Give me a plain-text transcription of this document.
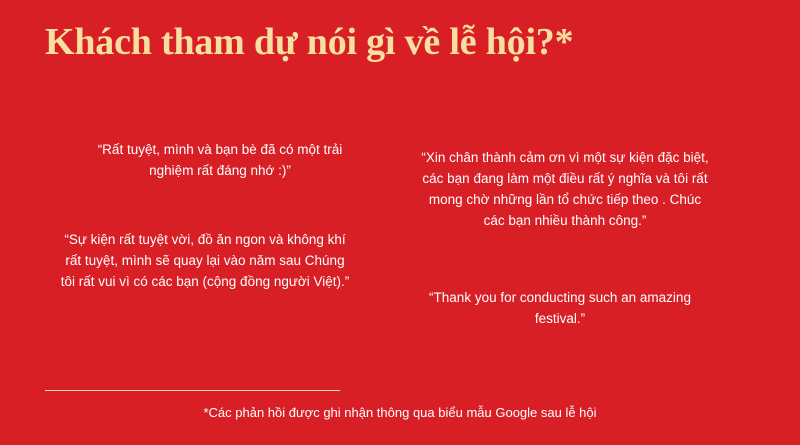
Khách tham dự nói gì về lễ hội?*
“Rất tuyệt, mình và bạn bè đã có một trải nghiệm rất đáng nhớ :)”
“Sự kiện rất tuyệt vời, đồ ăn ngon và không khí rất tuyệt, mình sẽ quay lại vào năm sau Chúng tôi rất vui vì có các bạn (cộng đồng người Việt).”
“Xin chân thành cảm ơn vì một sự kiện đặc biệt, các bạn đang làm một điều rất ý nghĩa và tôi rất mong chờ những lần tổ chức tiếp theo . Chúc các bạn nhiều thành công.”
“Thank you for conducting such an amazing festival.”
*Các phản hồi được ghi nhận thông qua biểu mẫu Google sau lễ hội
